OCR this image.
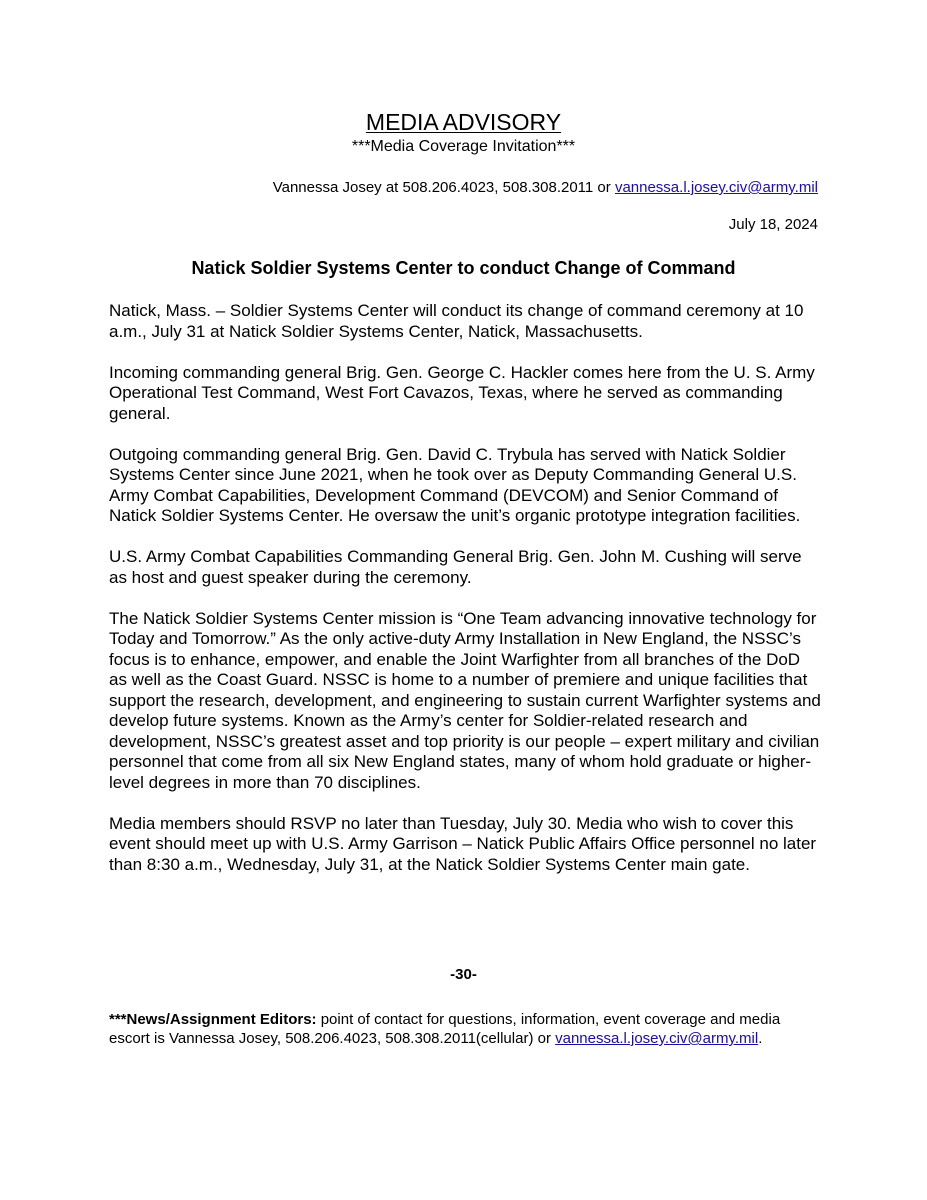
MEDIA ADVISORY
***Media Coverage Invitation***
Vannessa Josey at 508.206.4023, 508.308.2011 or vannessa.l.josey.civ@army.mil
July 18, 2024
Natick Soldier Systems Center to conduct Change of Command

Natick, Mass. – Soldier Systems Center will conduct its change of command ceremony at 10 a.m., July 31 at Natick Soldier Systems Center, Natick, Massachusetts.

Incoming commanding general Brig. Gen. George C. Hackler comes here from the U. S. Army Operational Test Command, West Fort Cavazos, Texas, where he served as commanding general.

Outgoing commanding general Brig. Gen. David C. Trybula has served with Natick Soldier Systems Center since June 2021, when he took over as Deputy Commanding General U.S. Army Combat Capabilities, Development Command (DEVCOM) and Senior Command of Natick Soldier Systems Center. He oversaw the unit’s organic prototype integration facilities.

U.S. Army Combat Capabilities Commanding General Brig. Gen. John M. Cushing will serve as host and guest speaker during the ceremony.

The Natick Soldier Systems Center mission is “One Team advancing innovative technology for Today and Tomorrow.” As the only active-duty Army Installation in New England, the NSSC’s focus is to enhance, empower, and enable the Joint Warfighter from all branches of the DoD as well as the Coast Guard. NSSC is home to a number of premiere and unique facilities that support the research, development, and engineering to sustain current Warfighter systems and develop future systems. Known as the Army’s center for Soldier-related research and development, NSSC’s greatest asset and top priority is our people – expert military and civilian personnel that come from all six New England states, many of whom hold graduate or higher-level degrees in more than 70 disciplines.

Media members should RSVP no later than Tuesday, July 30. Media who wish to cover this event should meet up with U.S. Army Garrison – Natick Public Affairs Office personnel no later than 8:30 a.m., Wednesday, July 31, at the Natick Soldier Systems Center main gate.

-30-
***News/Assignment Editors: point of contact for questions, information, event coverage and media escort is Vannessa Josey, 508.206.4023, 508.308.2011(cellular) or vannessa.l.josey.civ@army.mil.
